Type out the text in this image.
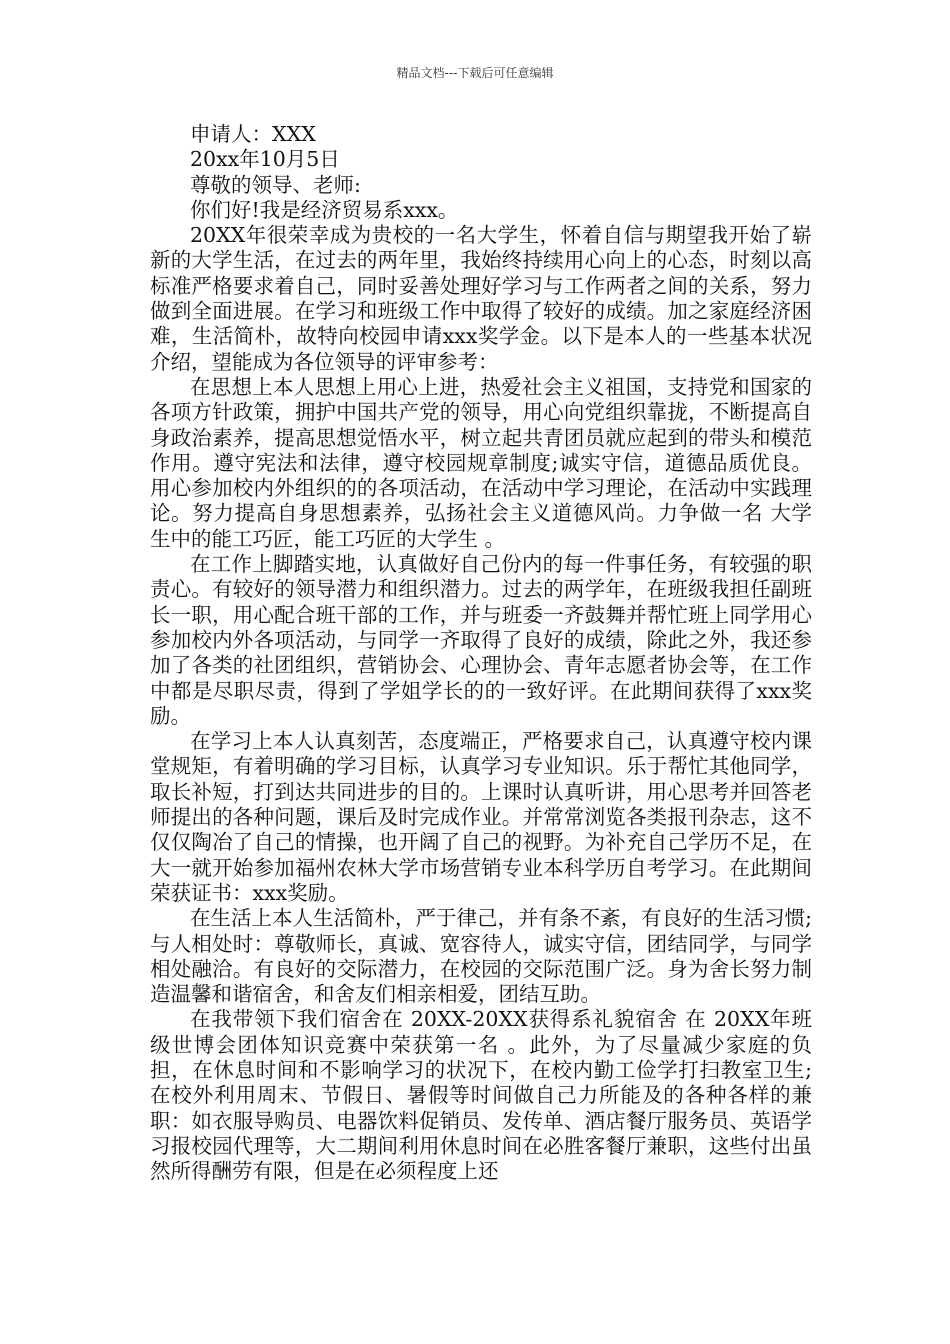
精品文档---下载后可任意编辑

申请人：XXX

20xx年10月5日

尊敬的领导、老师:

你们好!我是经济贸易系xxx。

20XX年很荣幸成为贵校的一名大学生，怀着自信与期望我开始了崭新的大学生活，在过去的两年里，我始终持续用心向上的心态，时刻以高标准严格要求着自己，同时妥善处理好学习与工作两者之间的关系，努力做到全面进展。在学习和班级工作中取得了较好的成绩。加之家庭经济困难，生活简朴，故特向校园申请xxx奖学金。以下是本人的一些基本状况介绍，望能成为各位领导的评审参考：

在思想上本人思想上用心上进，热爱社会主义祖国，支持党和国家的各项方针政策，拥护中国共产党的领导，用心向党组织靠拢，不断提高自身政治素养，提高思想觉悟水平，树立起共青团员就应起到的带头和模范作用。遵守宪法和法律，遵守校园规章制度;诚实守信，道德品质优良。用心参加校内外组织的的各项活动，在活动中学习理论，在活动中实践理论。努力提高自身思想素养，弘扬社会主义道德风尚。力争做一名 大学生中的能工巧匠，能工巧匠的大学生 。

在工作上脚踏实地，认真做好自己份内的每一件事任务，有较强的职责心。有较好的领导潜力和组织潜力。过去的两学年，在班级我担任副班长一职，用心配合班干部的工作，并与班委一齐鼓舞并帮忙班上同学用心参加校内外各项活动，与同学一齐取得了良好的成绩，除此之外，我还参加了各类的社团组织，营销协会、心理协会、青年志愿者协会等，在工作中都是尽职尽责，得到了学姐学长的的一致好评。在此期间获得了xxx奖励。

在学习上本人认真刻苦，态度端正，严格要求自己，认真遵守校内课堂规矩，有着明确的学习目标，认真学习专业知识。乐于帮忙其他同学，取长补短，打到达共同进步的目的。上课时认真听讲，用心思考并回答老师提出的各种问题，课后及时完成作业。并常常浏览各类报刊杂志，这不仅仅陶冶了自己的情操，也开阔了自己的视野。为补充自己学历不足，在大一就开始参加福州农林大学市场营销专业本科学历自考学习。在此期间荣获证书：xxx奖励。

在生活上本人生活简朴，严于律己，并有条不紊，有良好的生活习惯;与人相处时：尊敬师长，真诚、宽容待人，诚实守信，团结同学，与同学相处融洽。有良好的交际潜力，在校园的交际范围广泛。身为舍长努力制造温馨和谐宿舍，和舍友们相亲相爱，团结互助。

在我带领下我们宿舍在 20XX-20XX获得系礼貌宿舍 在 20XX年班级世博会团体知识竞赛中荣获第一名 。此外，为了尽量减少家庭的负担，在休息时间和不影响学习的状况下，在校内勤工俭学打扫教室卫生;在校外利用周末、节假日、暑假等时间做自己力所能及的各种各样的兼职：如衣服导购员、电器饮料促销员、发传单、酒店餐厅服务员、英语学习报校园代理等，大二期间利用休息时间在必胜客餐厅兼职，这些付出虽然所得酬劳有限，但是在必须程度上还
